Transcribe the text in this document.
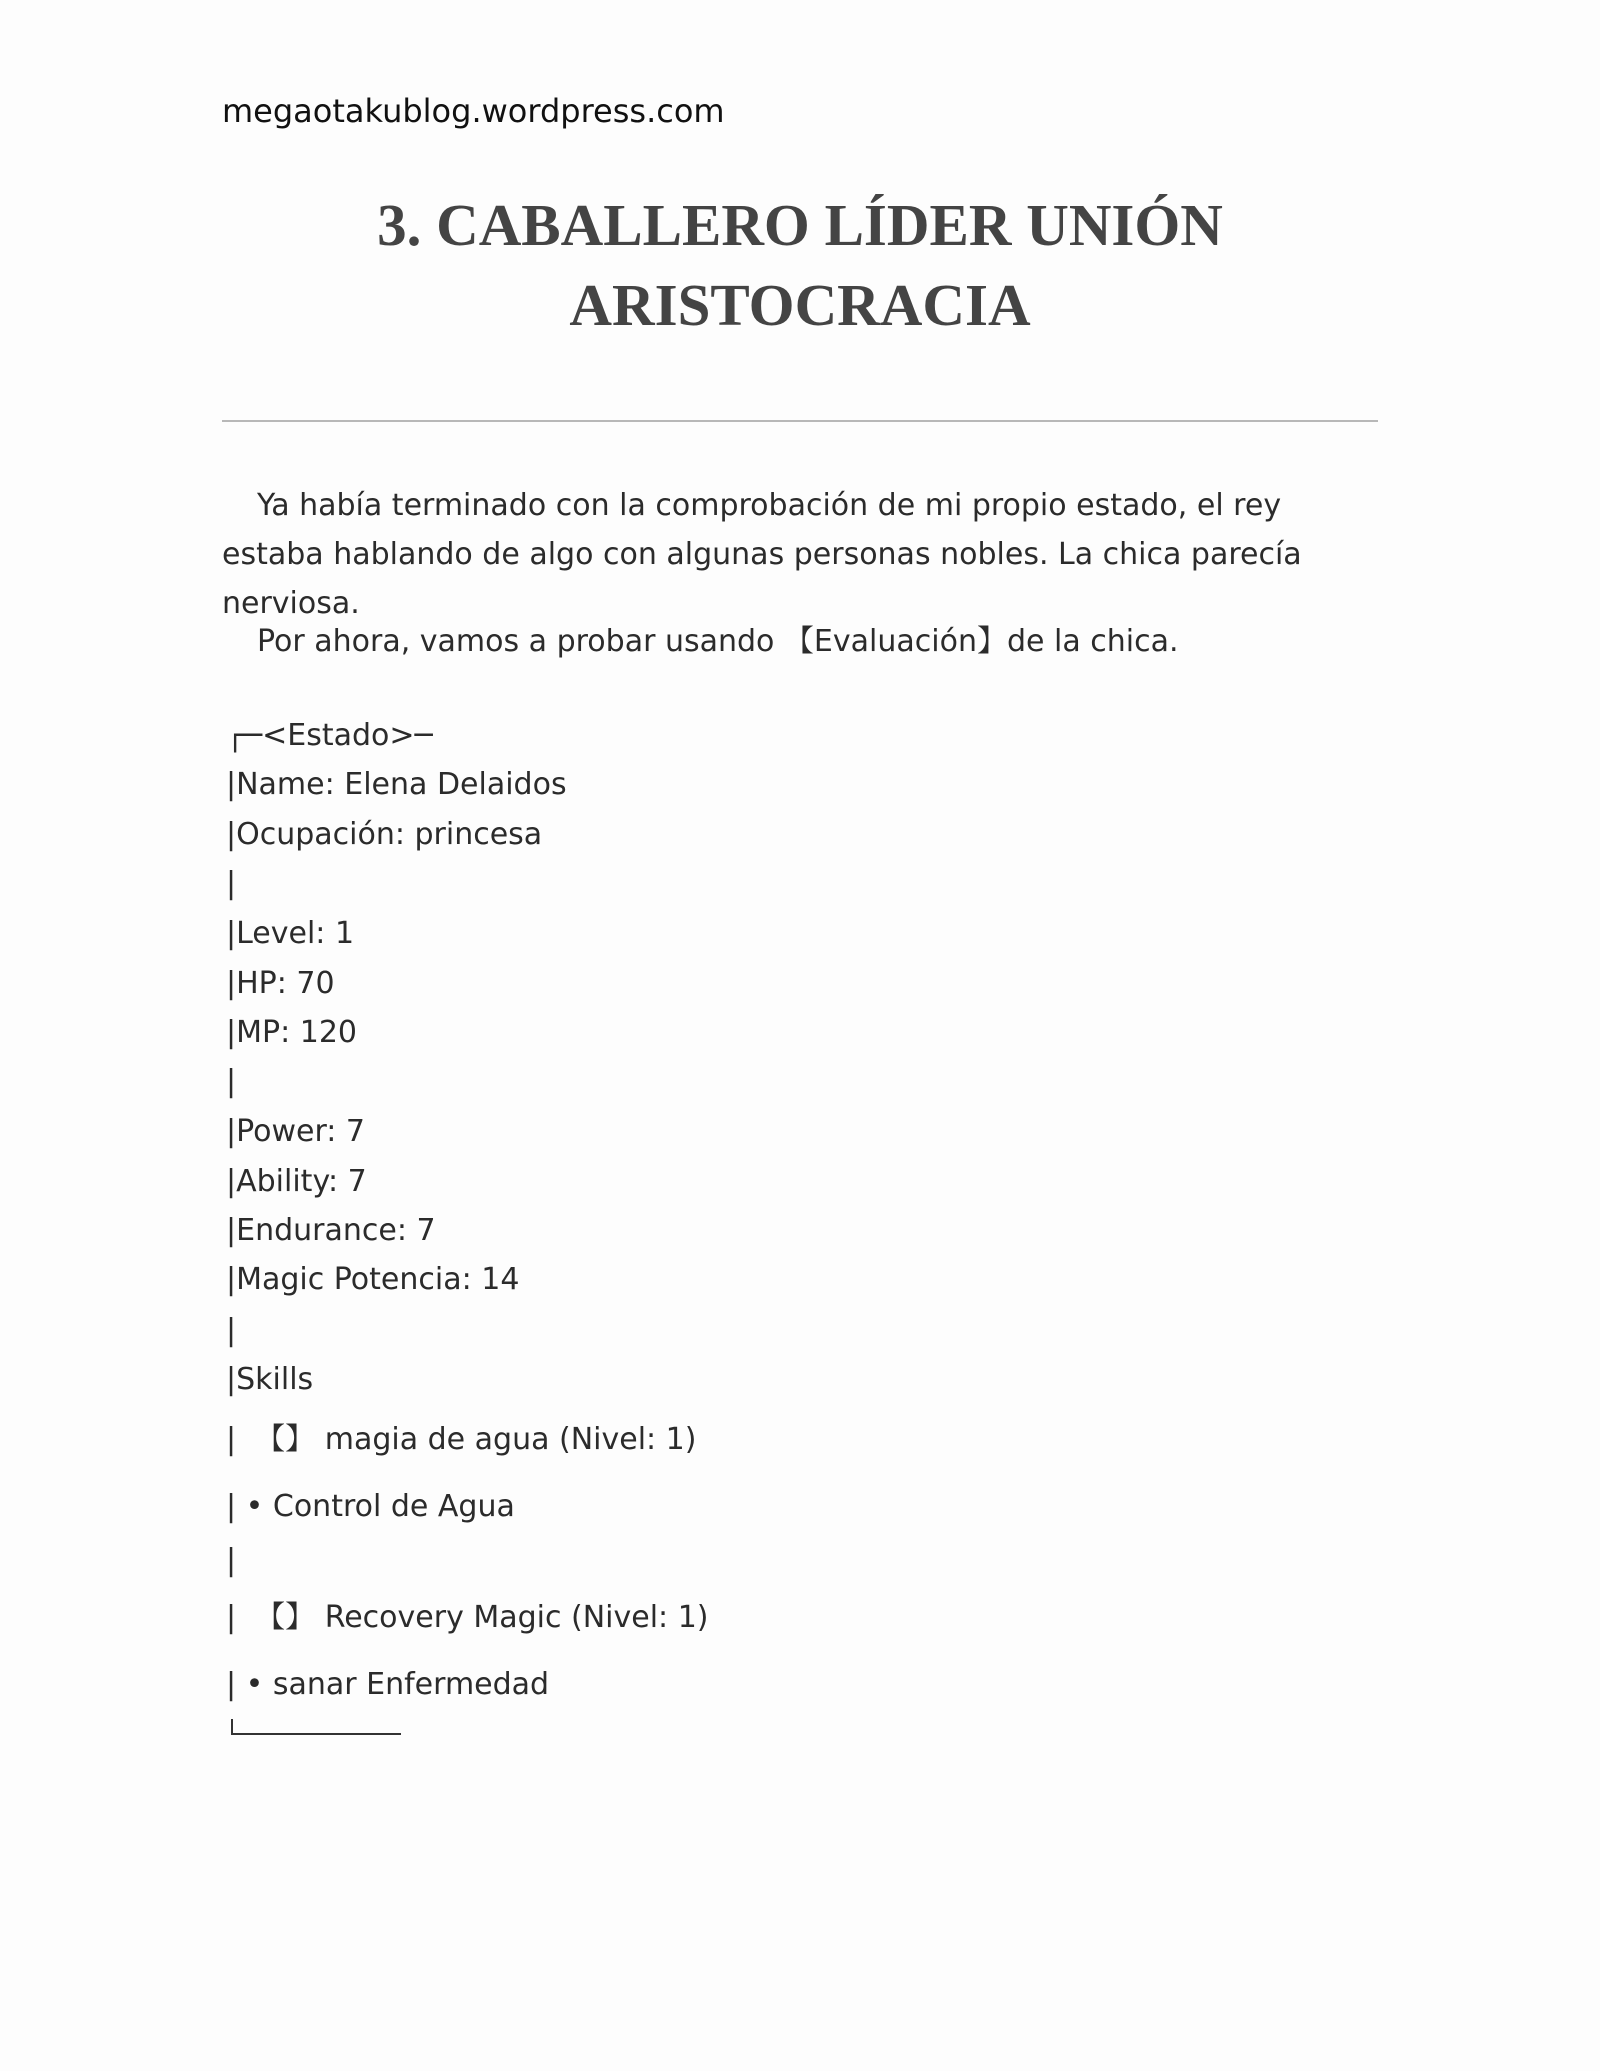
megaotakublog.wordpress.com
3. CABALLERO LÍDER UNIÓN
ARISTOCRACIA

Ya había terminado con la comprobación de mi propio estado, el rey estaba hablando de algo con algunas personas nobles. La chica parecía nerviosa.

Por ahora, vamos a probar usando 【Evaluación】de la chica.

┌─<Estado>─
|Name: Elena Delaidos
|Ocupación: princesa
|
|Level: 1
|HP: 70
|MP: 120
|
|Power: 7
|Ability: 7
|Endurance: 7
|Magic Potencia: 14
|
|Skills
|  【】 magia de agua (Nivel: 1)
| • Control de Agua
|
|  【】 Recovery Magic (Nivel: 1)
| • sanar Enfermedad
